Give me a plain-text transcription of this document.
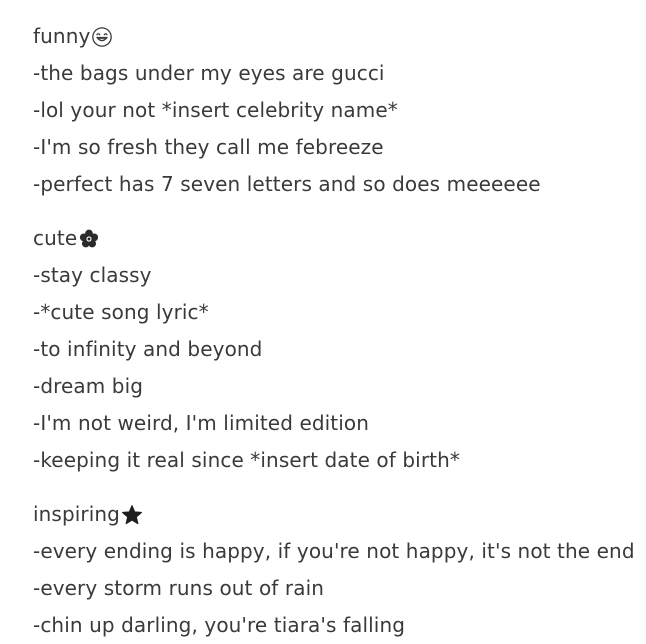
funny
-the bags under my eyes are gucci
-lol your not *insert celebrity name*
-I'm so fresh they call me febreeze
-perfect has 7 seven letters and so does meeeeee
cute
-stay classy
-*cute song lyric*
-to infinity and beyond
-dream big
-I'm not weird, I'm limited edition
-keeping it real since *insert date of birth*
inspiring
-every ending is happy, if you're not happy, it's not the end
-every storm runs out of rain
-chin up darling, you're tiara's falling
